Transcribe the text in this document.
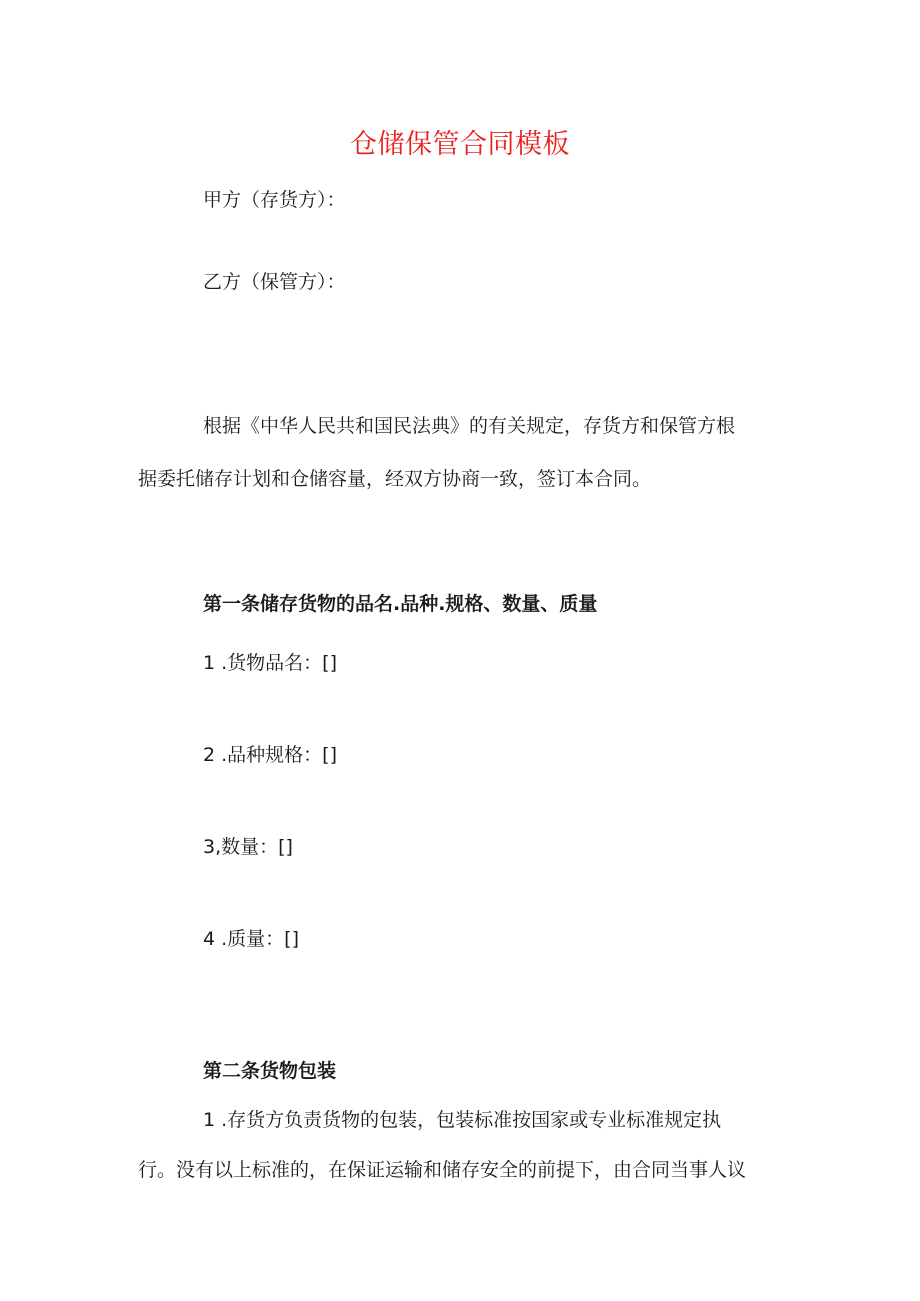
仓储保管合同模板
甲方（存货方）：
乙方（保管方）：
根据《中华人民共和国民法典》的有关规定，存货方和保管方根
据委托储存计划和仓储容量，经双方协商一致，签订本合同。
第一条储存货物的品名.品种.规格、数量、质量
1 .货物品名：[]
2 .品种规格：[]
3,数量：[]
4 .质量：[]
第二条货物包装
1 .存货方负责货物的包装，包装标准按国家或专业标准规定执
行。没有以上标准的，在保证运输和储存安全的前提下，由合同当事人议
